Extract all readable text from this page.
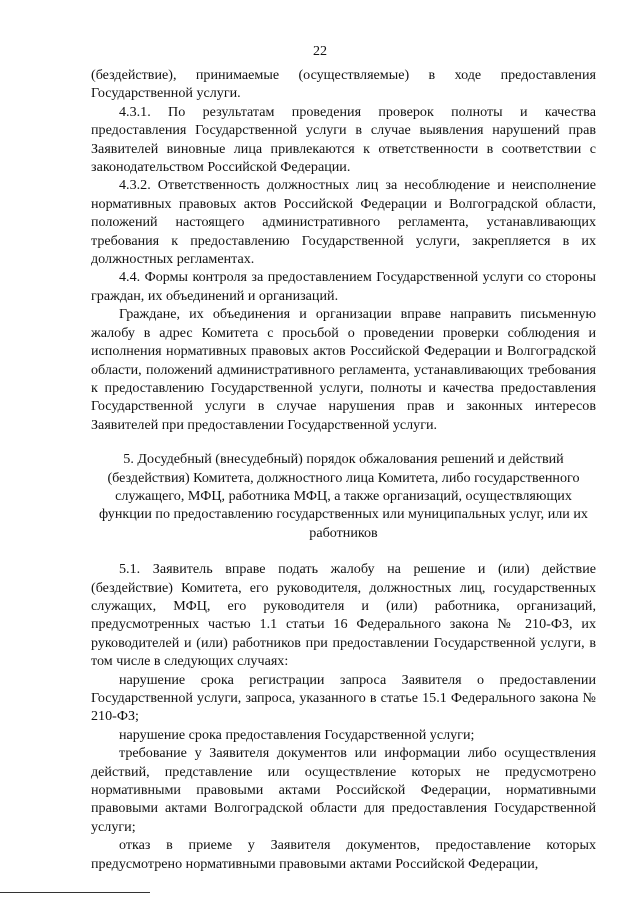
22

(бездействие), принимаемые (осуществляемые) в ходе предоставления Государственной услуги.

4.3.1. По результатам проведения проверок полноты и качества предоставления Государственной услуги в случае выявления нарушений прав Заявителей виновные лица привлекаются к ответственности в соответствии с законодательством Российской Федерации.

4.3.2. Ответственность должностных лиц за несоблюдение и неисполнение нормативных правовых актов Российской Федерации и Волгоградской области, положений настоящего административного регламента, устанавливающих требования к предоставлению Государственной услуги, закрепляется в их должностных регламентах.

4.4. Формы контроля за предоставлением Государственной услуги со стороны граждан, их объединений и организаций.

Граждане, их объединения и организации вправе направить письменную жалобу в адрес Комитета с просьбой о проведении проверки соблюдения и исполнения нормативных правовых актов Российской Федерации и Волгоградской области, положений административного регламента, устанавливающих требования к предоставлению Государственной услуги, полноты и качества предоставления Государственной услуги в случае нарушения прав и законных интересов Заявителей при предоставлении Государственной услуги.

5. Досудебный (внесудебный) порядок обжалования решений и действий (бездействия) Комитета, должностного лица Комитета, либо государственного служащего, МФЦ, работника МФЦ, а также организаций, осуществляющих функции по предоставлению государственных или муниципальных услуг, или их работников

5.1. Заявитель вправе подать жалобу на решение и (или) действие (бездействие) Комитета, его руководителя, должностных лиц, государственных служащих, МФЦ, его руководителя и (или) работника, организаций, предусмотренных частью 1.1 статьи 16 Федерального закона № 210-ФЗ, их руководителей и (или) работников при предоставлении Государственной услуги, в том числе в следующих случаях:

нарушение срока регистрации запроса Заявителя о предоставлении Государственной услуги, запроса, указанного в статье 15.1 Федерального закона № 210-ФЗ;

нарушение срока предоставления Государственной услуги;

требование у Заявителя документов или информации либо осуществления действий, представление или осуществление которых не предусмотрено нормативными правовыми актами Российской Федерации, нормативными правовыми актами Волгоградской области для предоставления Государственной услуги;

отказ в приеме у Заявителя документов, предоставление которых предусмотрено нормативными правовыми актами Российской Федерации,
